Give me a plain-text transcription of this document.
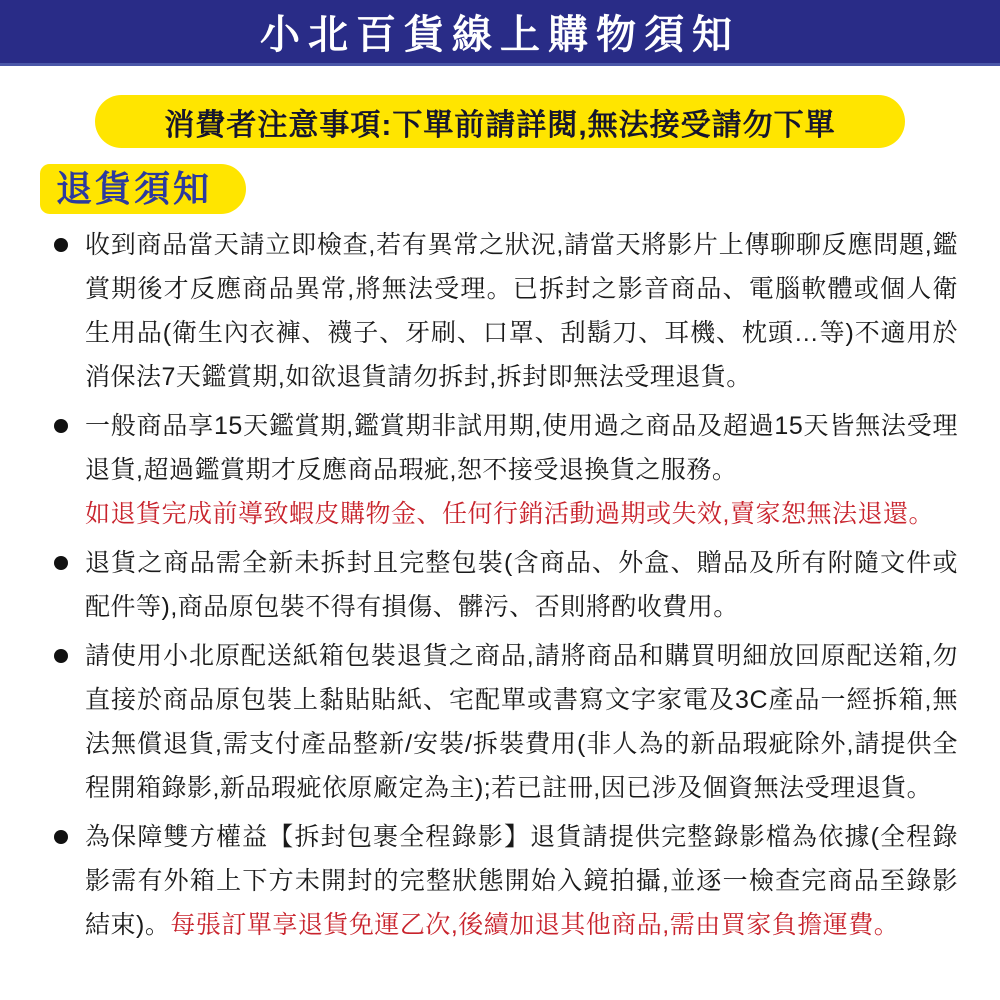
小北百貨線上購物須知
消費者注意事項:下單前請詳閱,無法接受請勿下單
退貨須知
收到商品當天請立即檢查,若有異常之狀況,請當天將影片上傳聊聊反應問題,鑑賞期後才反應商品異常,將無法受理。已拆封之影音商品、電腦軟體或個人衛生用品(衛生內衣褲、襪子、牙刷、口罩、刮鬍刀、耳機、枕頭…等)不適用於消保法7天鑑賞期,如欲退貨請勿拆封,拆封即無法受理退貨。
一般商品享15天鑑賞期,鑑賞期非試用期,使用過之商品及超過15天皆無法受理退貨,超過鑑賞期才反應商品瑕疵,恕不接受退換貨之服務。
如退貨完成前導致蝦皮購物金、任何行銷活動過期或失效,賣家恕無法退還。
退貨之商品需全新未拆封且完整包裝(含商品、外盒、贈品及所有附隨文件或配件等),商品原包裝不得有損傷、髒污、否則將酌收費用。
請使用小北原配送紙箱包裝退貨之商品,請將商品和購買明細放回原配送箱,勿直接於商品原包裝上黏貼貼紙、宅配單或書寫文字家電及3C產品一經拆箱,無法無償退貨,需支付產品整新/安裝/拆裝費用(非人為的新品瑕疵除外,請提供全程開箱錄影,新品瑕疵依原廠定為主);若已註冊,因已涉及個資無法受理退貨。
為保障雙方權益【拆封包裹全程錄影】退貨請提供完整錄影檔為依據(全程錄影需有外箱上下方未開封的完整狀態開始入鏡拍攝,並逐一檢查完商品至錄影結束)。每張訂單享退貨免運乙次,後續加退其他商品,需由買家負擔運費。
